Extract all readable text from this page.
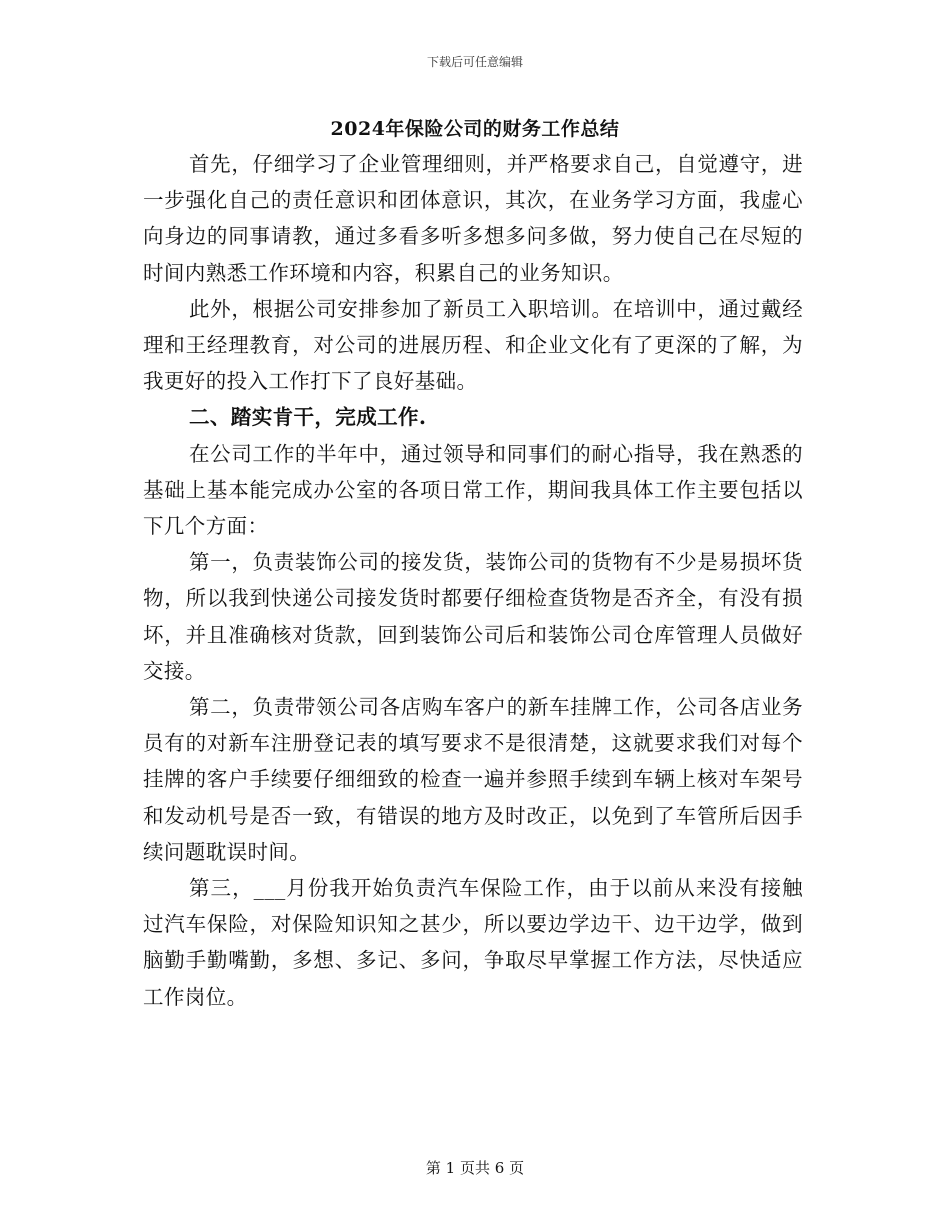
下载后可任意编辑
2024年保险公司的财务工作总结

首先，仔细学习了企业管理细则，并严格要求自己，自觉遵守，进一步强化自己的责任意识和团体意识，其次，在业务学习方面，我虚心向身边的同事请教，通过多看多听多想多问多做，努力使自己在尽短的时间内熟悉工作环境和内容，积累自己的业务知识。

此外，根据公司安排参加了新员工入职培训。在培训中，通过戴经理和王经理教育，对公司的进展历程、和企业文化有了更深的了解，为我更好的投入工作打下了良好基础。

二、踏实肯干，完成工作.

在公司工作的半年中，通过领导和同事们的耐心指导，我在熟悉的基础上基本能完成办公室的各项日常工作，期间我具体工作主要包括以下几个方面：

第一，负责装饰公司的接发货，装饰公司的货物有不少是易损坏货物，所以我到快递公司接发货时都要仔细检查货物是否齐全，有没有损坏，并且准确核对货款，回到装饰公司后和装饰公司仓库管理人员做好交接。

第二，负责带领公司各店购车客户的新车挂牌工作，公司各店业务员有的对新车注册登记表的填写要求不是很清楚，这就要求我们对每个挂牌的客户手续要仔细细致的检查一遍并参照手续到车辆上核对车架号和发动机号是否一致，有错误的地方及时改正，以免到了车管所后因手续问题耽误时间。

第三，___月份我开始负责汽车保险工作，由于以前从来没有接触过汽车保险，对保险知识知之甚少，所以要边学边干、边干边学，做到脑勤手勤嘴勤，多想、多记、多问，争取尽早掌握工作方法，尽快适应工作岗位。

第 1 页共 6 页
